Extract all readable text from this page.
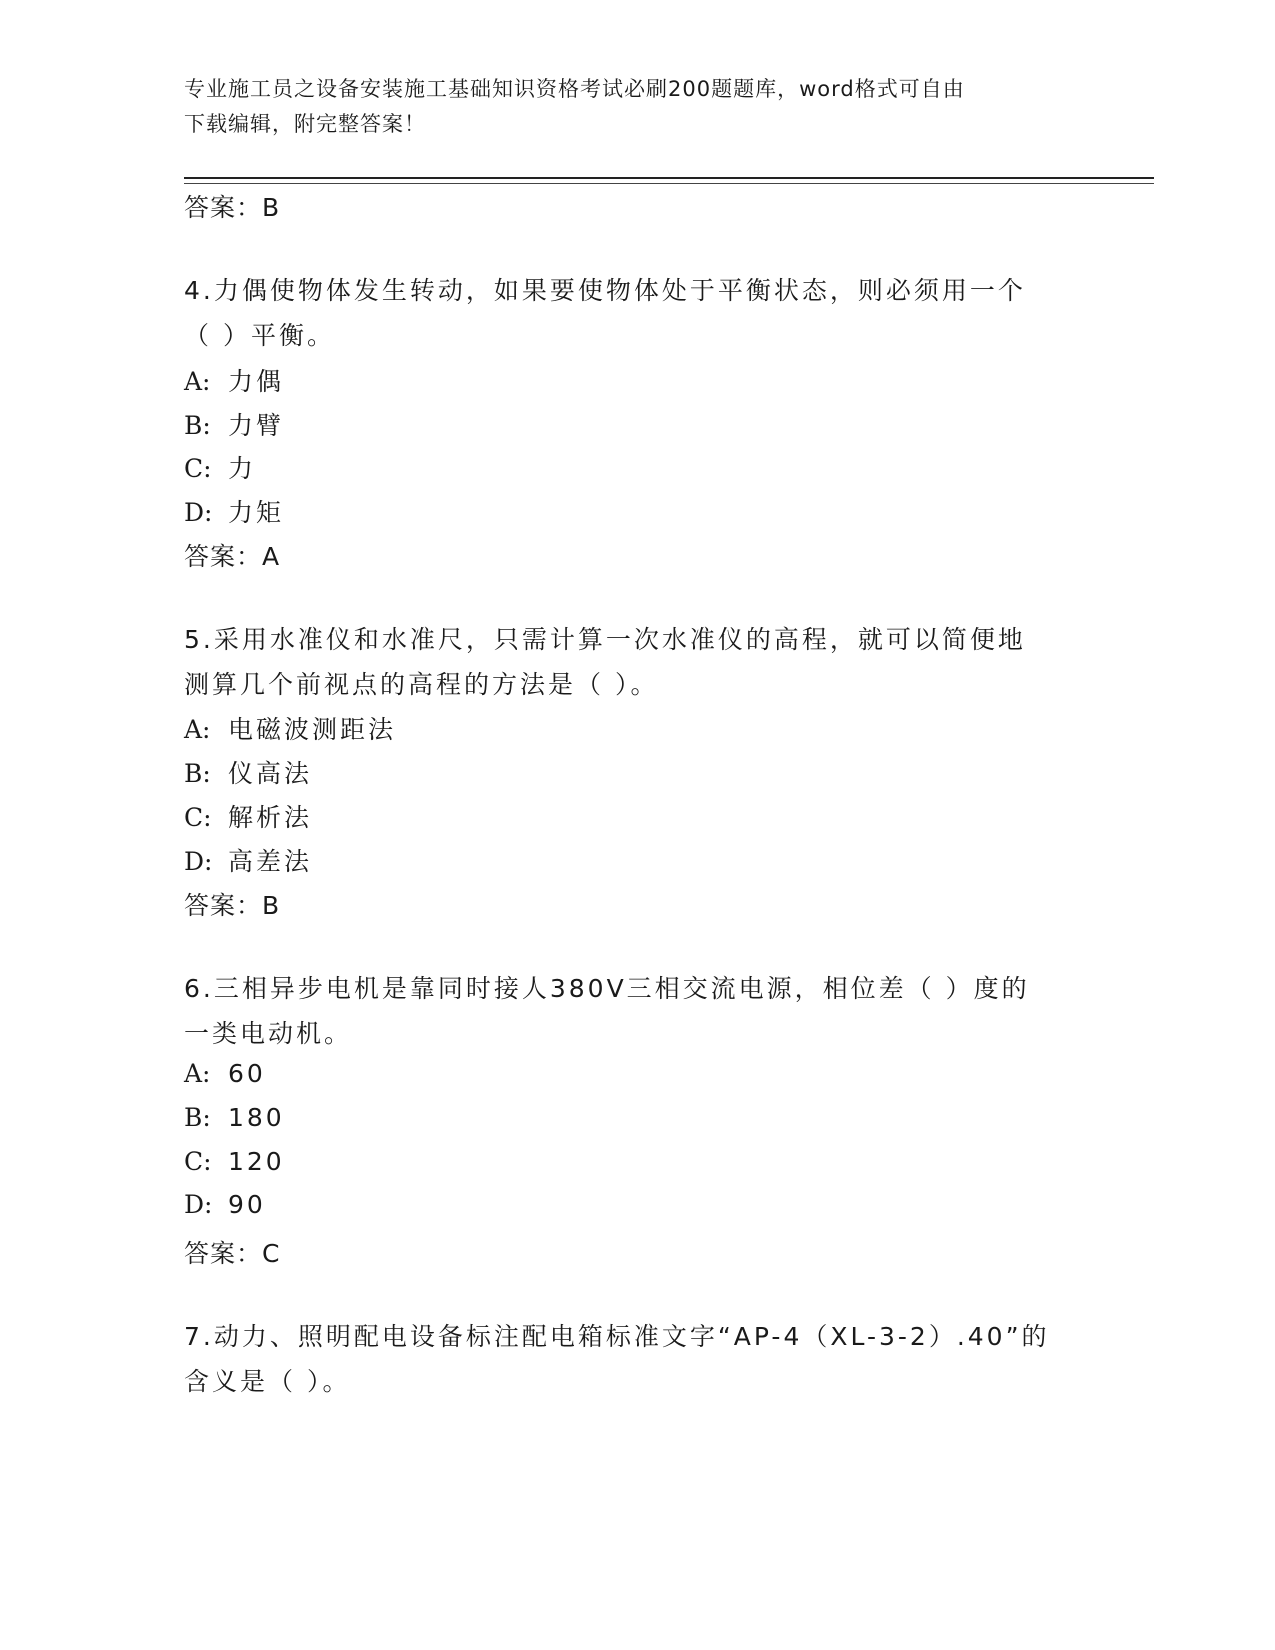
专业施工员之设备安装施工基础知识资格考试必刷200题题库，word格式可自由
下载编辑，附完整答案！
答案：B
4.力偶使物体发生转动，如果要使物体处于平衡状态，则必须用一个
（ ）平衡。
A: 力偶
B: 力臂
C: 力
D: 力矩
答案：A
5.采用水准仪和水准尺，只需计算一次水准仪的高程，就可以简便地
测算几个前视点的高程的方法是（ ）。
A: 电磁波测距法
B: 仪高法
C: 解析法
D: 高差法
答案：B
6.三相异步电机是靠同时接人380V三相交流电源，相位差（ ）度的
一类电动机。
A: 60
B: 180
C: 120
D: 90
答案：C
7.动力、照明配电设备标注配电箱标准文字“AP-4（XL-3-2）.40”的
含义是（ ）。
